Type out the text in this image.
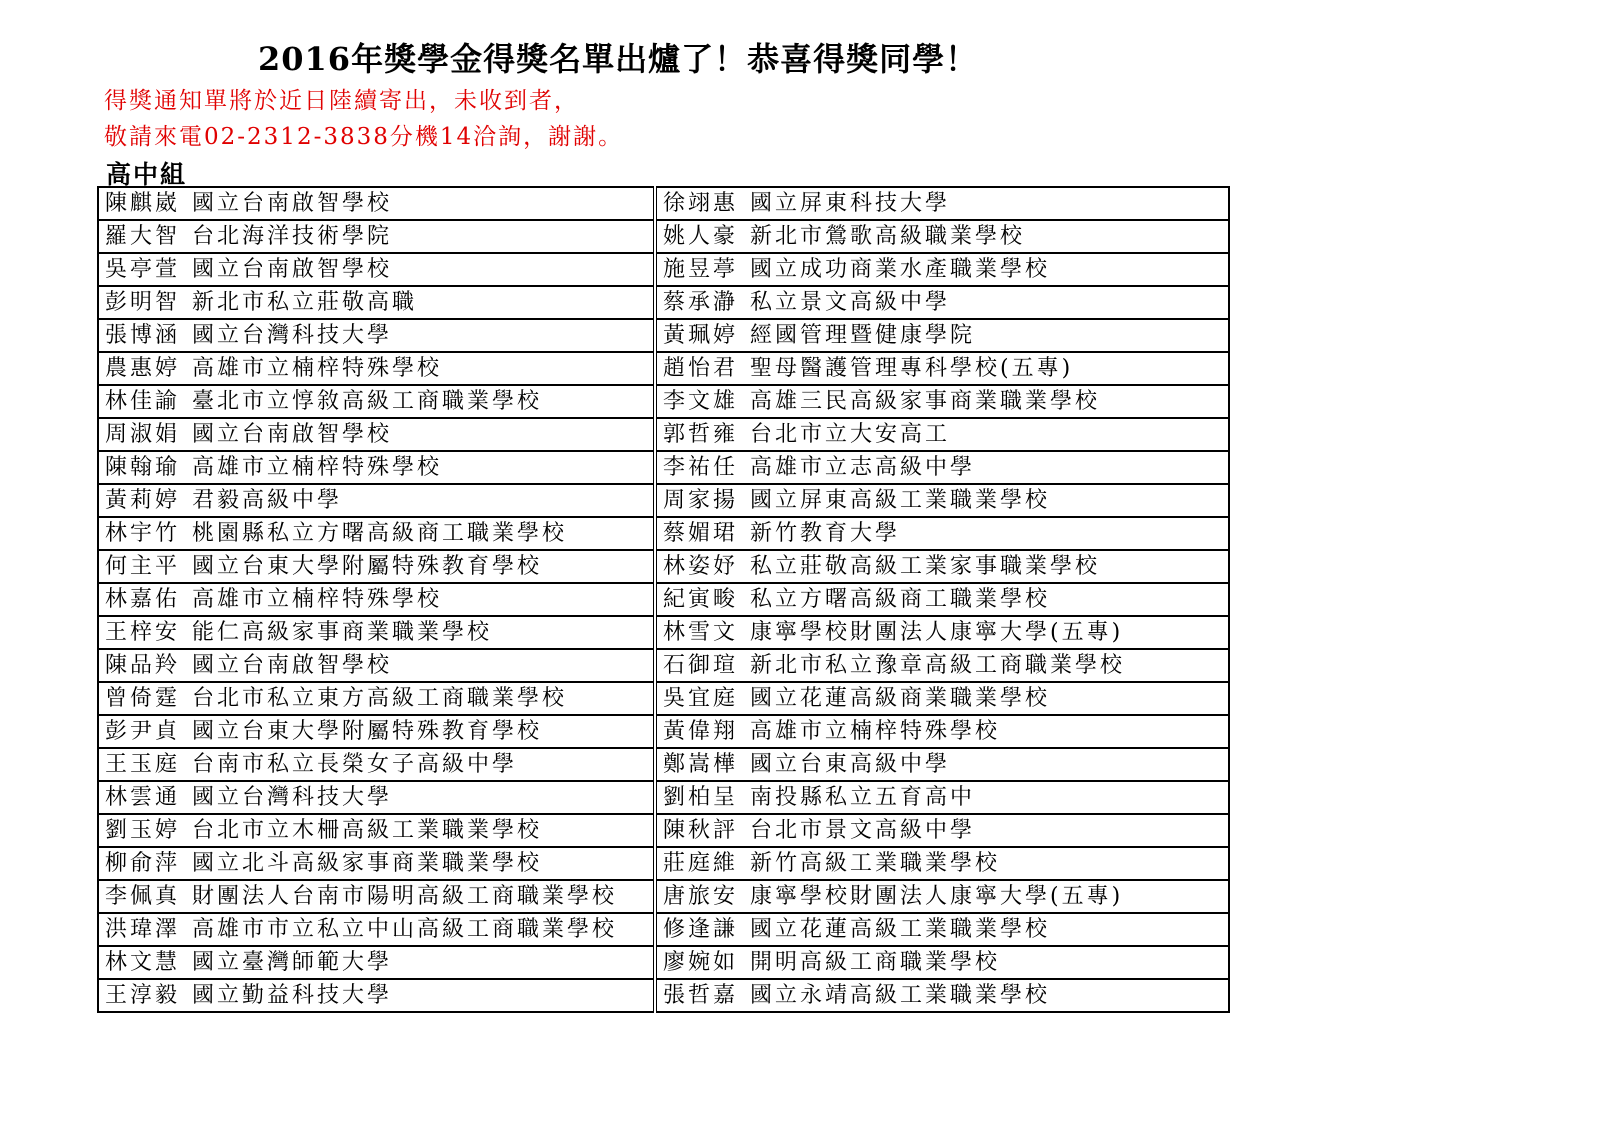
2016年獎學金得獎名單出爐了！恭喜得獎同學！
得獎通知單將於近日陸續寄出，未收到者，
敬請來電02-2312-3838分機14洽詢，謝謝。
高中組
陳麒崴 國立台南啟智學校	徐翊惠 國立屏東科技大學
羅大智 台北海洋技術學院	姚人豪 新北市鶯歌高級職業學校
吳亭萱 國立台南啟智學校	施昱葶 國立成功商業水產職業學校
彭明智 新北市私立莊敬高職	蔡承瀞 私立景文高級中學
張博涵 國立台灣科技大學	黃珮婷 經國管理暨健康學院
農惠婷 高雄市立楠梓特殊學校	趙怡君 聖母醫護管理專科學校(五專)
林佳諭 臺北市立惇敘高級工商職業學校	李文雄 高雄三民高級家事商業職業學校
周淑娟 國立台南啟智學校	郭哲雍 台北市立大安高工
陳翰瑜 高雄市立楠梓特殊學校	李祐任 高雄市立志高級中學
黃莉婷 君毅高級中學	周家揚 國立屏東高級工業職業學校
林宇竹 桃園縣私立方曙高級商工職業學校	蔡媚珺 新竹教育大學
何主平 國立台東大學附屬特殊教育學校	林姿妤 私立莊敬高級工業家事職業學校
林嘉佑 高雄市立楠梓特殊學校	紀寅畯 私立方曙高級商工職業學校
王梓安 能仁高級家事商業職業學校	林雪文 康寧學校財團法人康寧大學(五專)
陳品羚 國立台南啟智學校	石御瑄 新北市私立豫章高級工商職業學校
曾倚霆 台北市私立東方高級工商職業學校	吳宜庭 國立花蓮高級商業職業學校
彭尹貞 國立台東大學附屬特殊教育學校	黃偉翔 高雄市立楠梓特殊學校
王玉庭 台南市私立長榮女子高級中學	鄭嵩樺 國立台東高級中學
林雲通 國立台灣科技大學	劉柏呈 南投縣私立五育高中
劉玉婷 台北市立木柵高級工業職業學校	陳秋評 台北市景文高級中學
柳俞萍 國立北斗高級家事商業職業學校	莊庭維 新竹高級工業職業學校
李佩真 財團法人台南市陽明高級工商職業學校	唐旅安 康寧學校財團法人康寧大學(五專)
洪瑋澤 高雄市市立私立中山高級工商職業學校	修逢謙 國立花蓮高級工業職業學校
林文慧 國立臺灣師範大學	廖婉如 開明高級工商職業學校
王淳毅 國立勤益科技大學	張哲嘉 國立永靖高級工業職業學校
